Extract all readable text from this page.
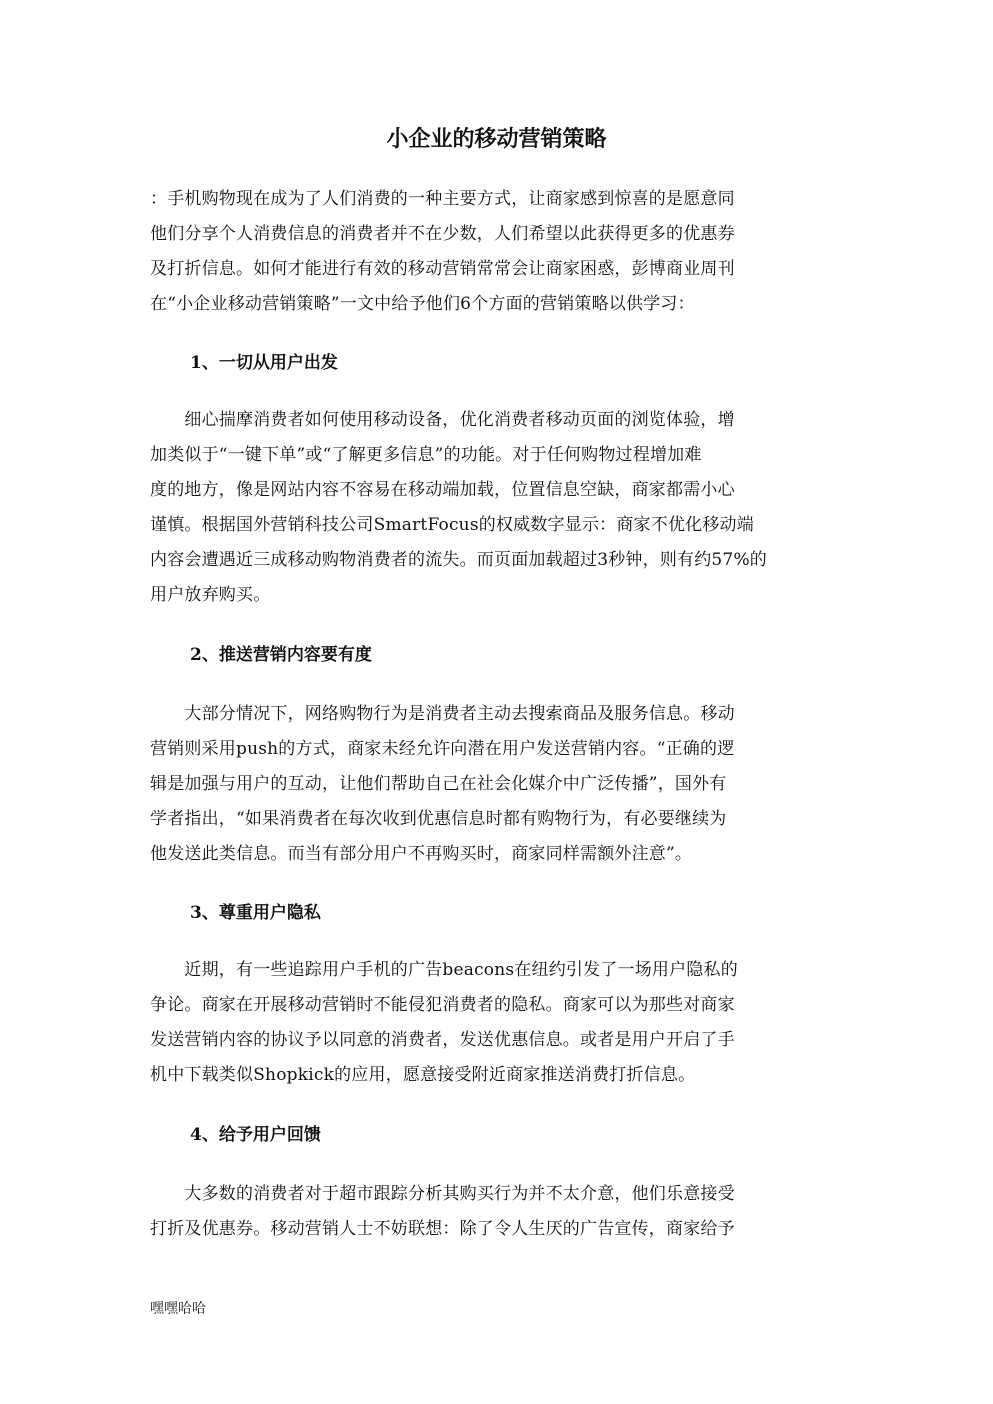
小企业的移动营销策略

：手机购物现在成为了人们消费的一种主要方式，让商家感到惊喜的是愿意同
他们分享个人消费信息的消费者并不在少数，人们希望以此获得更多的优惠券
及打折信息。如何才能进行有效的移动营销常常会让商家困惑，彭博商业周刊
在“小企业移动营销策略”一文中给予他们6个方面的营销策略以供学习：

1、一切从用户出发

　　细心揣摩消费者如何使用移动设备，优化消费者移动页面的浏览体验，增
加类似于“一键下单”或“了解更多信息”的功能。对于任何购物过程增加难
度的地方，像是网站内容不容易在移动端加载，位置信息空缺，商家都需小心
谨慎。根据国外营销科技公司SmartFocus的权威数字显示：商家不优化移动端
内容会遭遇近三成移动购物消费者的流失。而页面加载超过3秒钟，则有约57%的
用户放弃购买。

2、推送营销内容要有度

　　大部分情况下，网络购物行为是消费者主动去搜索商品及服务信息。移动
营销则采用push的方式，商家未经允许向潜在用户发送营销内容。“正确的逻
辑是加强与用户的互动，让他们帮助自己在社会化媒介中广泛传播”，国外有
学者指出，“如果消费者在每次收到优惠信息时都有购物行为，有必要继续为
他发送此类信息。而当有部分用户不再购买时，商家同样需额外注意”。

3、尊重用户隐私

　　近期，有一些追踪用户手机的广告beacons在纽约引发了一场用户隐私的
争论。商家在开展移动营销时不能侵犯消费者的隐私。商家可以为那些对商家
发送营销内容的协议予以同意的消费者，发送优惠信息。或者是用户开启了手
机中下载类似Shopkick的应用，愿意接受附近商家推送消费打折信息。

4、给予用户回馈

　　大多数的消费者对于超市跟踪分析其购买行为并不太介意，他们乐意接受
打折及优惠券。移动营销人士不妨联想：除了令人生厌的广告宣传，商家给予

嘿嘿哈哈
